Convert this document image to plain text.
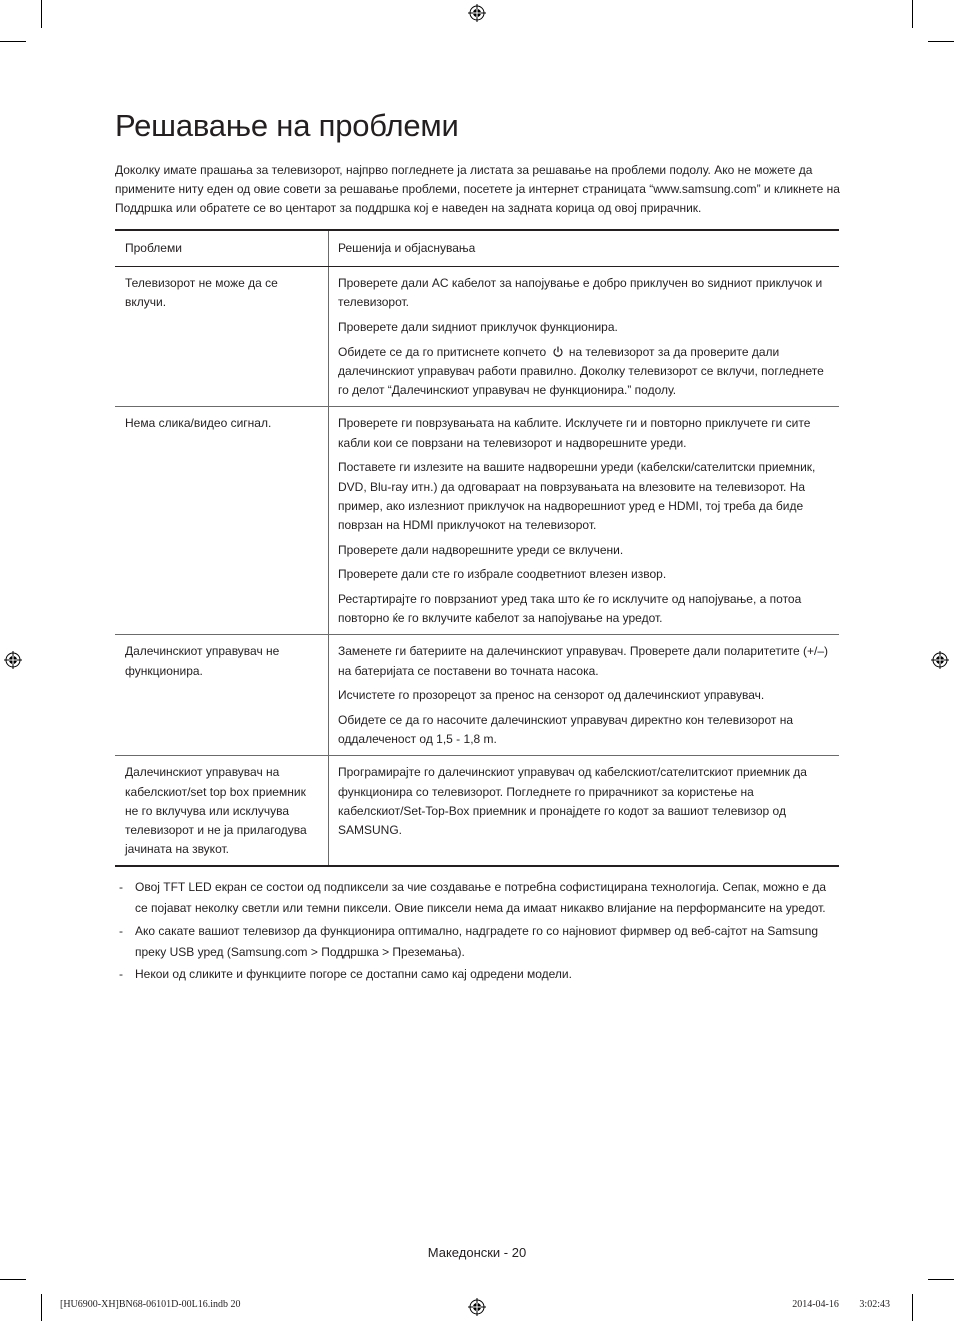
Решавање на проблеми

Доколку имате прашања за телевизорот, најпрво погледнете ја листата за решавање на проблеми подолу. Ако не можете да примените ниту еден од овие совети за решавање проблеми, посетете ја интернет страницата “www.samsung.com” и кликнете на Поддршка или обратете се во центарот за поддршка кој е наведен на задната корица од овој прирачник.

Проблеми	Решенија и објаснувања
Телевизорот не може да се вклучи.	Проверете дали AC кабелот за напојување е добро приклучен во ѕидниот приклучок и телевизорот.

Проверете дали ѕидниот приклучок функционира.

Обидете се да го притиснете копчето на телевизорот за да проверите дали далечинскиот управувач работи правилно. Доколку телевизорот се вклучи, погледнете го делот “Далечинскиот управувач не функционира.” подолу.

Нема слика/видео сигнал.	Проверете ги поврзувањата на каблите. Исклучете ги и повторно приклучете ги сите кабли кои се поврзани на телевизорот и надворешните уреди.

Поставете ги излезите на вашите надворешни уреди (кабелски/сателитски приемник, DVD, Blu-ray итн.) да одговараат на поврзувањата на влезовите на телевизорот. На пример, ако излезниот приклучок на надворешниот уред е HDMI, тој треба да биде поврзан на HDMI приклучокот на телевизорот.

Проверете дали надворешните уреди се вклучени.

Проверете дали сте го избрале соодветниот влезен извор.

Рестартирајте го поврзаниот уред така што ќе го исклучите од напојување, а потоа повторно ќе го вклучите кабелот за напојување на уредот.

Далечинскиот управувач не функционира.	Заменете ги батериите на далечинскиот управувач. Проверете дали поларитетите (+/–) на батеријата се поставени во точната насока.

Исчистете го прозорецот за пренос на сензорот од далечинскиот управувач.

Обидете се да го насочите далечинскиот управувач директно кон телевизорот на оддалеченост од 1,5 - 1,8 m.

Далечинскиот управувач на кабелскиот/set top box приемник не го вклучува или исклучува телевизорот и не ја прилагодува јачината на звукот.	Програмирајте го далечинскиот управувач од кабелскиот/сателитскиот приемник да функционира со телевизорот. Погледнете го прирачникот за користење на кабелскиот/Set-Top-Box приемник и пронајдете го кодот за вашиот телевизор од SAMSUNG.

- Овој TFT LED екран се состои од подпиксели за чие создавање е потребна софистицирана технологија. Сепак, можно е да се појават неколку светли или темни пиксели. Овие пиксели нема да имаат никакво влијание на перформансите на уредот.
- Ако сакате вашиот телевизор да функционира оптимално, надградете го со најновиот фирмвер од веб-сајтот на Samsung преку USB уред (Samsung.com > Поддршка > Преземања).
- Некои од сликите и функциите погоре се достапни само кај одредени модели.
Македонски - 20
[HU6900-XH]BN68-06101D-00L16.indb 20	2014-04-16 ￿￿ 3:02:43
